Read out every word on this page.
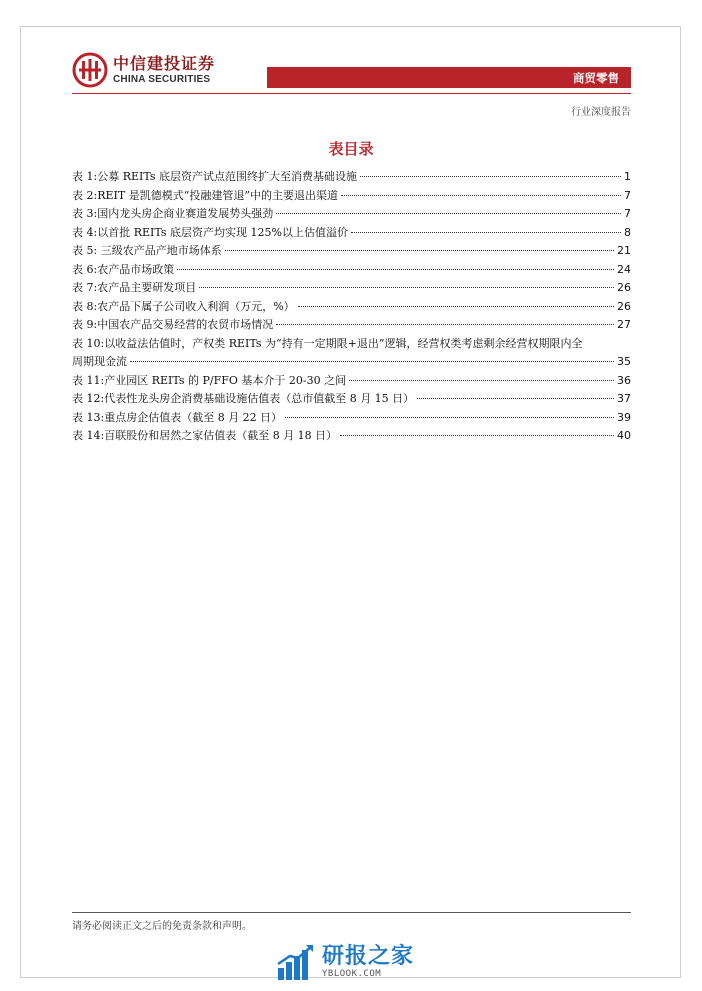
中信建投证券
CHINA SECURITIES	商贸零售
行业深度报告
表目录
表 1:公募 REITs 底层资产试点范围终扩大至消费基础设施	1
表 2:REIT 是凯德模式“投融建管退”中的主要退出渠道	7
表 3:国内龙头房企商业赛道发展势头强劲	7
表 4:以首批 REITs 底层资产均实现 125%以上估值溢价	8
表 5: 三级农产品产地市场体系	21
表 6:农产品市场政策	24
表 7:农产品主要研发项目	26
表 8:农产品下属子公司收入利润（万元，%）	26
表 9:中国农产品交易经营的农贸市场情况	27
表 10:以收益法估值时，产权类 REITs 为“持有一定期限+退出”逻辑，经营权类考虑剩余经营权期限内全
周期现金流	35
表 11:产业园区 REITs 的 P/FFO 基本介于 20-30 之间	36
表 12:代表性龙头房企消费基础设施估值表（总市值截至 8 月 15 日）	37
表 13:重点房企估值表（截至 8 月 22 日）	39
表 14:百联股份和居然之家估值表（截至 8 月 18 日）	40
请务必阅读正文之后的免责条款和声明。
研报之家
YBLOOK.COM
